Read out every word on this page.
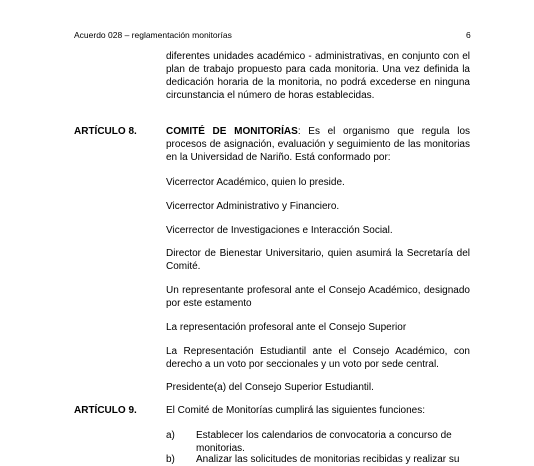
Acuerdo 028 – reglamentación monitorías	6
diferentes unidades académico - administrativas, en conjunto con el plan de trabajo propuesto para cada monitoria. Una vez definida la dedicación horaria de la monitoria, no podrá excederse en ninguna circunstancia el número de horas establecidas.
ARTÍCULO 8.	COMITÉ DE MONITORÍAS: Es el organismo que regula los procesos de asignación, evaluación y seguimiento de las monitorias en la Universidad de Nariño. Está conformado por:
Vicerrector Académico, quien lo preside.
Vicerrector Administrativo y Financiero.
Vicerrector de Investigaciones e Interacción Social.
Director de Bienestar Universitario, quien asumirá la Secretaría del Comité.
Un representante profesoral ante el Consejo Académico, designado por este estamento
La representación profesoral ante el Consejo Superior
La Representación Estudiantil ante el Consejo Académico, con derecho a un voto por seccionales y un voto por sede central.
Presidente(a) del Consejo Superior Estudiantil.
ARTÍCULO 9.	El Comité de Monitorías cumplirá las siguientes funciones:
a) Establecer los calendarios de convocatoria a concurso de monitorias.
b) Analizar las solicitudes de monitorias recibidas y realizar su
